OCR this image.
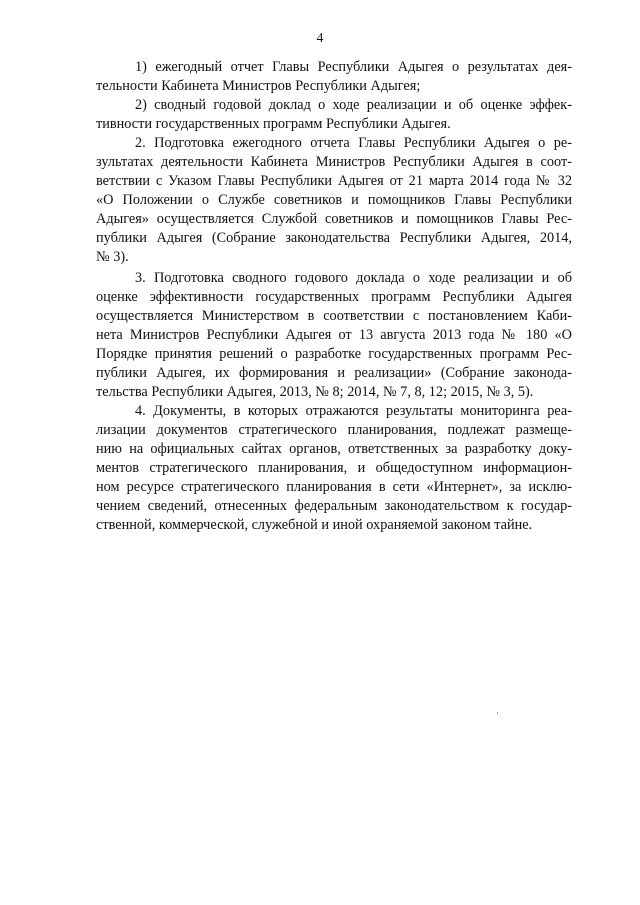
4

1) ежегодный отчет Главы Республики Адыгея о результатах дея-
тельности Кабинета Министров Республики Адыгея;

2) сводный годовой доклад о ходе реализации и об оценке эффек-
тивности государственных программ Республики Адыгея.

2. Подготовка ежегодного отчета Главы Республики Адыгея о ре-
зультатах деятельности Кабинета Министров Республики Адыгея в соот-
ветствии с Указом Главы Республики Адыгея от 21 марта 2014 года № 32
«О Положении о Службе советников и помощников Главы Республики
Адыгея» осуществляется Службой советников и помощников Главы Рес-
публики Адыгея (Собрание законодательства Республики Адыгея, 2014,
№ 3).

3. Подготовка сводного годового доклада о ходе реализации и об
оценке эффективности государственных программ Республики Адыгея
осуществляется Министерством в соответствии с постановлением Каби-
нета Министров Республики Адыгея от 13 августа 2013 года № 180 «О
Порядке принятия решений о разработке государственных программ Рес-
публики Адыгея, их формирования и реализации» (Собрание законода-
тельства Республики Адыгея, 2013, № 8; 2014, № 7, 8, 12; 2015, № 3, 5).

4. Документы, в которых отражаются результаты мониторинга реа-
лизации документов стратегического планирования, подлежат размеще-
нию на официальных сайтах органов, ответственных за разработку доку-
ментов стратегического планирования, и общедоступном информацион-
ном ресурсе стратегического планирования в сети «Интернет», за исклю-
чением сведений, отнесенных федеральным законодательством к государ-
ственной, коммерческой, служебной и иной охраняемой законом тайне.
